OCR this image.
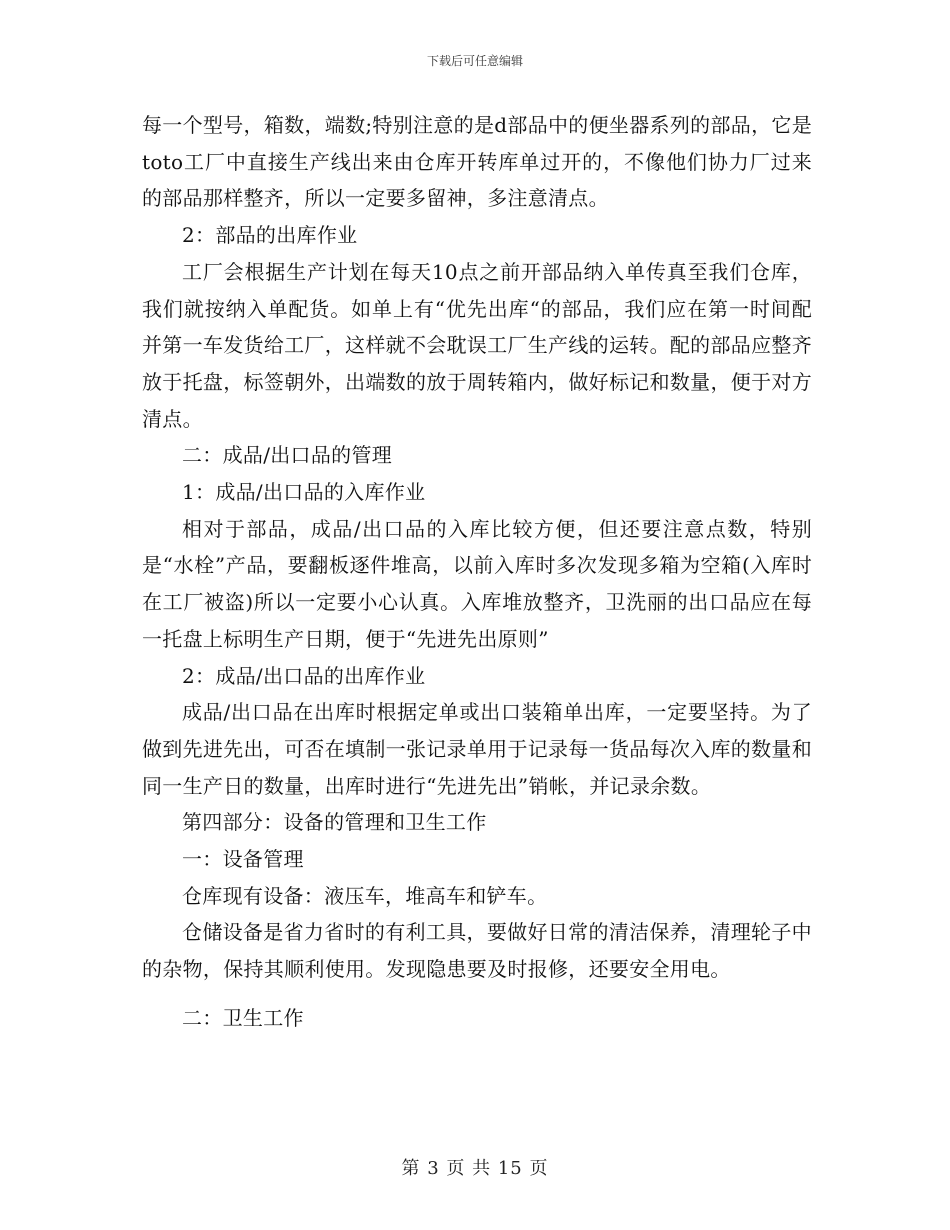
下载后可任意编辑

每一个型号，箱数，端数;特别注意的是d部品中的便坐器系列的部品，它是toto工厂中直接生产线出来由仓库开转库单过开的，不像他们协力厂过来的部品那样整齐，所以一定要多留神，多注意清点。

2：部品的出库作业

工厂会根据生产计划在每天10点之前开部品纳入单传真至我们仓库，我们就按纳入单配货。如单上有“优先出库“的部品，我们应在第一时间配并第一车发货给工厂，这样就不会耽误工厂生产线的运转。配的部品应整齐放于托盘，标签朝外，出端数的放于周转箱内，做好标记和数量，便于对方清点。

二：成品/出口品的管理

1：成品/出口品的入库作业

相对于部品，成品/出口品的入库比较方便，但还要注意点数，特别是“水栓”产品，要翻板逐件堆高，以前入库时多次发现多箱为空箱(入库时在工厂被盗)所以一定要小心认真。入库堆放整齐，卫洗丽的出口品应在每一托盘上标明生产日期，便于“先进先出原则”

2：成品/出口品的出库作业

成品/出口品在出库时根据定单或出口装箱单出库，一定要坚持。为了做到先进先出，可否在填制一张记录单用于记录每一货品每次入库的数量和同一生产日的数量，出库时进行“先进先出”销帐，并记录余数。

第四部分：设备的管理和卫生工作

一：设备管理

仓库现有设备：液压车，堆高车和铲车。

仓储设备是省力省时的有利工具，要做好日常的清洁保养，清理轮子中的杂物，保持其顺利使用。发现隐患要及时报修，还要安全用电。

二：卫生工作

第 3 页 共 15 页
